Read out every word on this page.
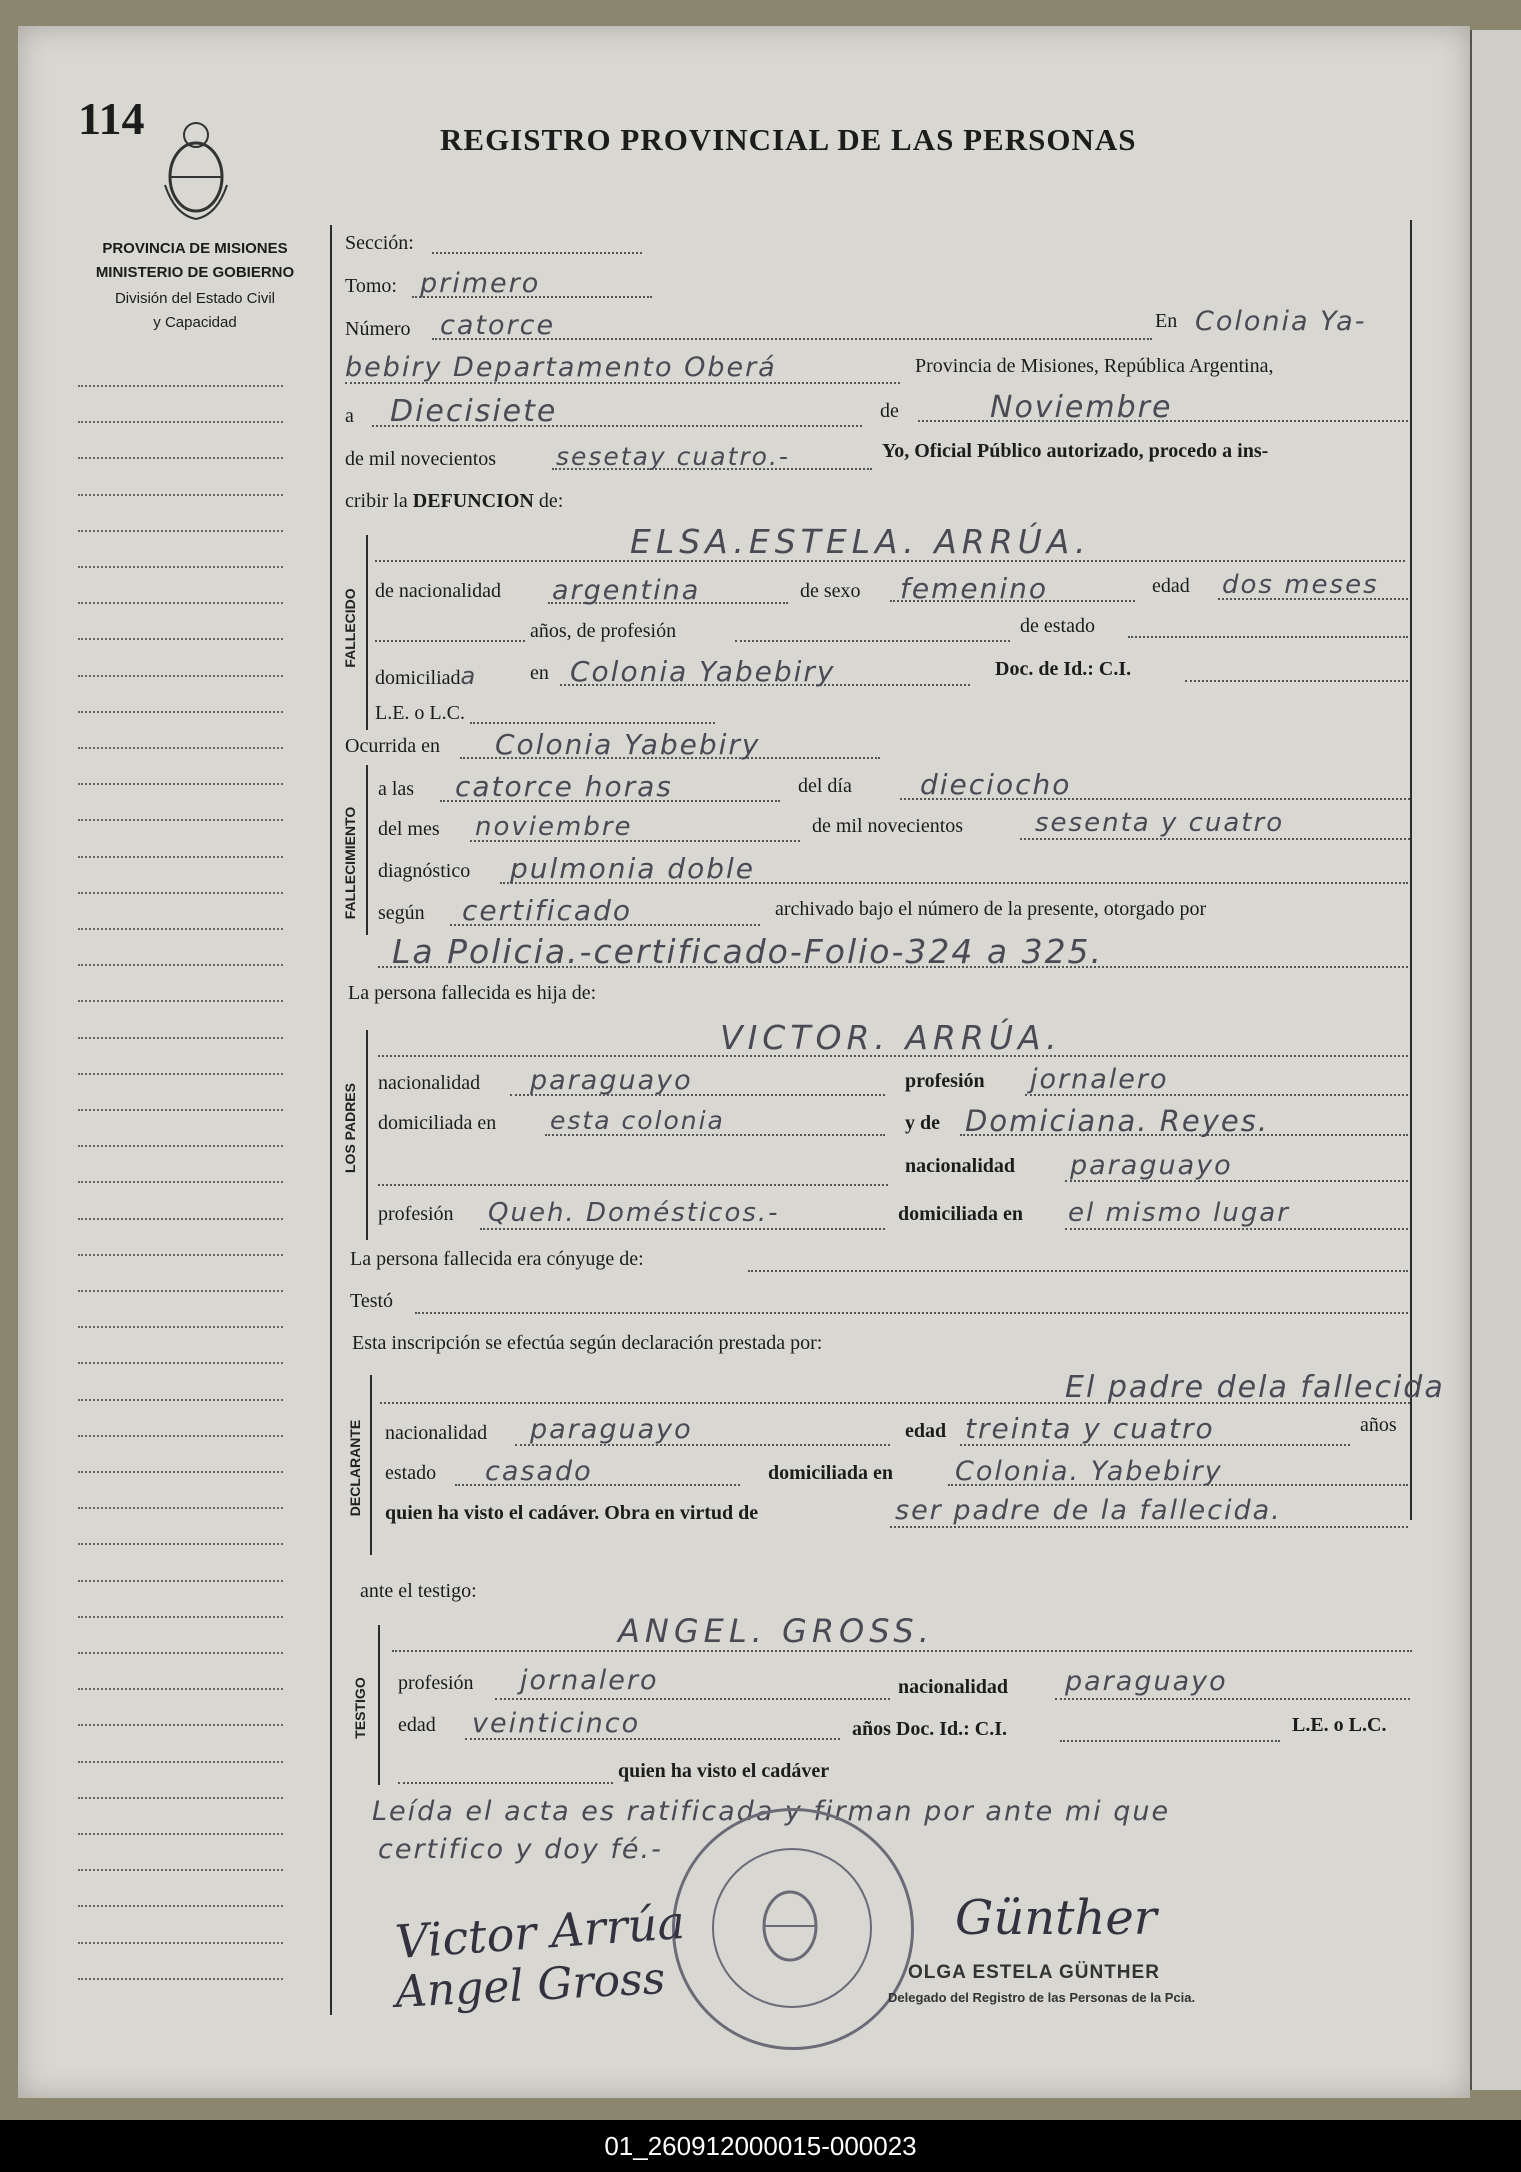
114	REGISTRO PROVINCIAL DE LAS PERSONAS
PROVINCIA DE MISIONES
MINISTERIO DE GOBIERNO
División del Estado Civil
y Capacidad
FALLECIDO
FALLECIMIENTO
LOS PADRES
DECLARANTE
TESTIGO
Sección:
Tomo: primero
Número catorce	En Colonia Ya-
bebiry Departamento Oberá	Provincia de Misiones, República Argentina,
a Diecisiete	de	Noviembre
de mil novecientos sesetay cuatro.-	Yo, Oficial Público autorizado, procedo a ins-
cribir la DEFUNCION de:
ELSA.ESTELA. ARRÚA.
de nacionalidad argentina	de sexo femenino	edad dos meses
años, de profesión	de estado
domiciliada	en Colonia Yabebiry	Doc. de Id.: C.I.
L.E. o L.C.
Ocurrida en Colonia Yabebiry
a las catorce horas	del día dieciocho
del mes noviembre	de mil novecientos	sesenta y cuatro
diagnóstico pulmonia doble
según certificado	archivado bajo el número de la presente, otorgado por
La Policia.-certificado-Folio-324 a 325.
La persona fallecida es hija de:
VICTOR. ARRÚA.
nacionalidad paraguayo	profesión jornalero
domiciliada en esta colonia	y de Domiciana. Reyes.
nacionalidad paraguayo
profesión Queh. Domésticos.-	domiciliada en el mismo lugar
La persona fallecida era cónyuge de:
Testó
Esta inscripción se efectúa según declaración prestada por:
El padre dela fallecida
nacionalidad paraguayo	edad treinta y cuatro	años
estado casado	domiciliada en Colonia. Yabebiry
quien ha visto el cadáver. Obra en virtud de	ser padre de la fallecida.
ante el testigo:
ANGEL. GROSS.
profesión jornalero	nacionalidad paraguayo
edad veinticinco	años Doc. Id.: C.I.	L.E. o L.C.
quien ha visto el cadáver
Leída el acta es ratificada y firman por ante mi que
certifico y doy fé.-
Victor Arrúa
Angel Gross
Günther
OLGA ESTELA GÜNTHER
Delegado del Registro de las Personas de la Pcia.
01_260912000015-000023
